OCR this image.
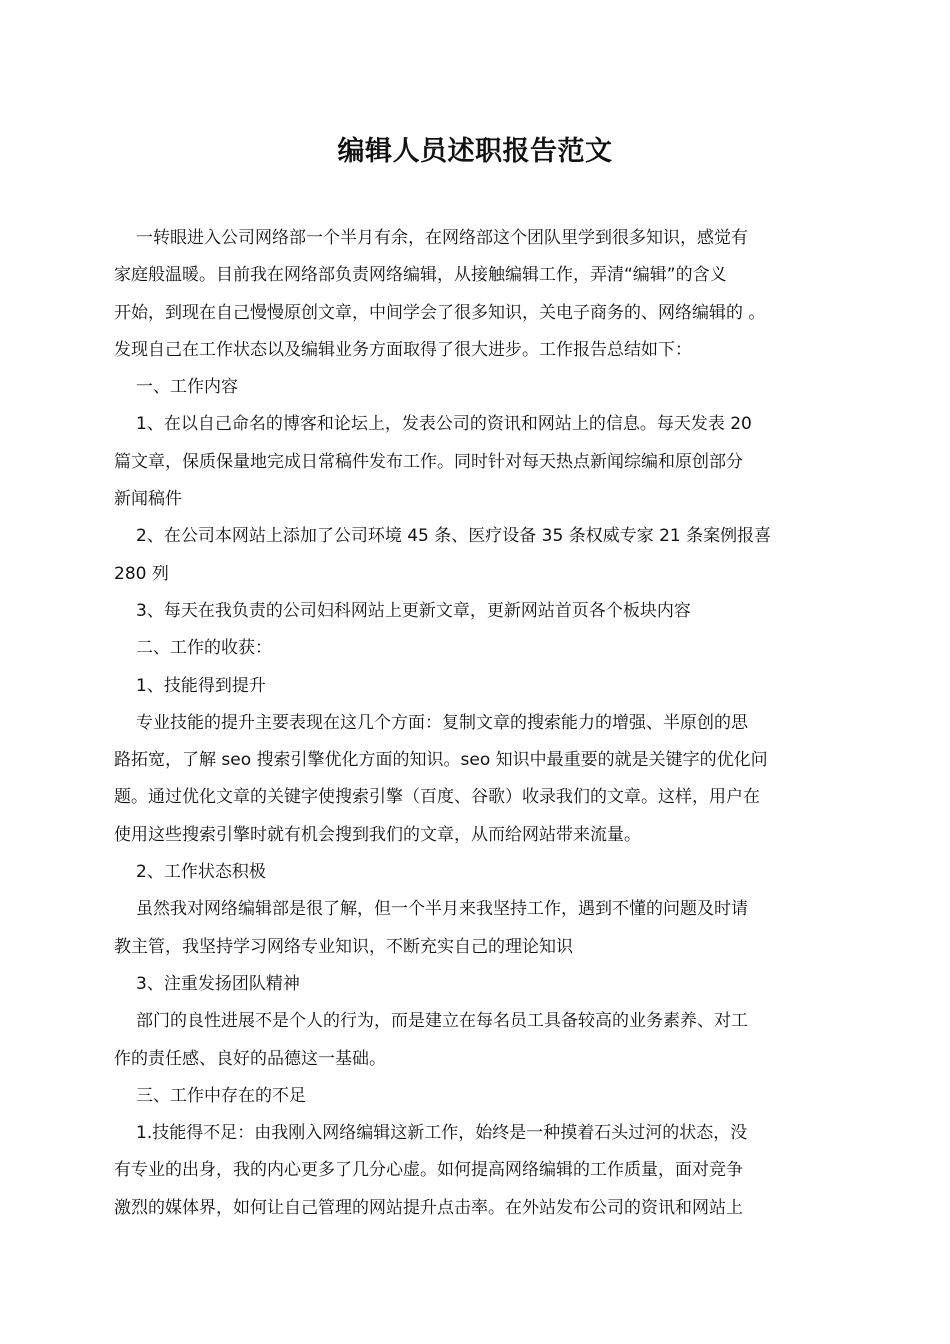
编辑人员述职报告范文
一转眼进入公司网络部一个半月有余，在网络部这个团队里学到很多知识，感觉有
家庭般温暖。目前我在网络部负责网络编辑，从接触编辑工作，弄清“编辑”的含义
开始，到现在自己慢慢原创文章，中间学会了很多知识，关电子商务的、网络编辑的 。
发现自己在工作状态以及编辑业务方面取得了很大进步。工作报告总结如下：
一、工作内容
1、在以自己命名的博客和论坛上，发表公司的资讯和网站上的信息。每天发表 20
篇文章，保质保量地完成日常稿件发布工作。同时针对每天热点新闻综编和原创部分
新闻稿件
2、在公司本网站上添加了公司环境 45 条、医疗设备 35 条权威专家 21 条案例报喜
280 列
3、每天在我负责的公司妇科网站上更新文章，更新网站首页各个板块内容
二、工作的收获：
1、技能得到提升
专业技能的提升主要表现在这几个方面：复制文章的搜索能力的增强、半原创的思
路拓宽，了解 seo 搜索引擎优化方面的知识。seo 知识中最重要的就是关键字的优化问
题。通过优化文章的关键字使搜索引擎（百度、谷歌）收录我们的文章。这样，用户在
使用这些搜索引擎时就有机会搜到我们的文章，从而给网站带来流量。
2、工作状态积极
虽然我对网络编辑部是很了解，但一个半月来我坚持工作，遇到不懂的问题及时请
教主管，我坚持学习网络专业知识，不断充实自己的理论知识
3、注重发扬团队精神
部门的良性进展不是个人的行为，而是建立在每名员工具备较高的业务素养、对工
作的责任感、良好的品德这一基础。
三、工作中存在的不足
1.技能得不足：由我刚入网络编辑这新工作，始终是一种摸着石头过河的状态，没
有专业的出身，我的内心更多了几分心虚。如何提高网络编辑的工作质量，面对竞争
激烈的媒体界，如何让自己管理的网站提升点击率。在外站发布公司的资讯和网站上
